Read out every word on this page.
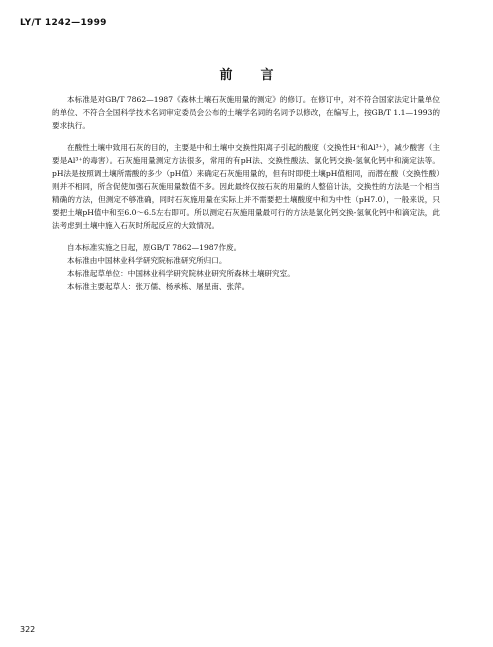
LY/T 1242—1999
前言

本标准是对GB/T 7862—1987《森林土壤石灰施用量的测定》的修订。在修订中，对不符合国家法定计量单位的单位、不符合全国科学技术名词审定委员会公布的土壤学名词的名词予以修改，在编写上，按GB/T 1.1—1993的要求执行。

在酸性土壤中致用石灰的目的，主要是中和土壤中交换性阳离子引起的酸度（交换性H⁺和Al³⁺），减少酸害（主要是Al³⁺的毒害）。石灰施用量测定方法很多，常用的有pH法、交换性酸法、氯化钙交换-氢氧化钙中和滴定法等。pH法是按照调土壤所需酸的多少（pH值）来确定石灰施用量的，但有时即使土壤pH值相同，而潜在酸（交换性酸）则并不相同，所含促使加强石灰施用量数值不多。因此最终仅按石灰的用量的人整倍计法，交换性的方法是一个相当精确的方法，但测定不够准确，同时石灰施用量在实际上并不需要把土壤酸度中和为中性（pH7.0），一般来说，只要把土壤pH值中和至6.0～6.5左右即可。所以测定石灰施用量最可行的方法是氯化钙交换-氢氧化钙中和滴定法，此法考虑到土壤中施入石灰时所起反应的大致情况。

自本标准实施之日起，原GB/T 7862—1987作废。

本标准由中国林业科学研究院标准研究所归口。

本标准起草单位：中国林业科学研究院林业研究所森林土壤研究室。

本标准主要起草人：张万儒、杨承栋、屠星南、张萍。

322
